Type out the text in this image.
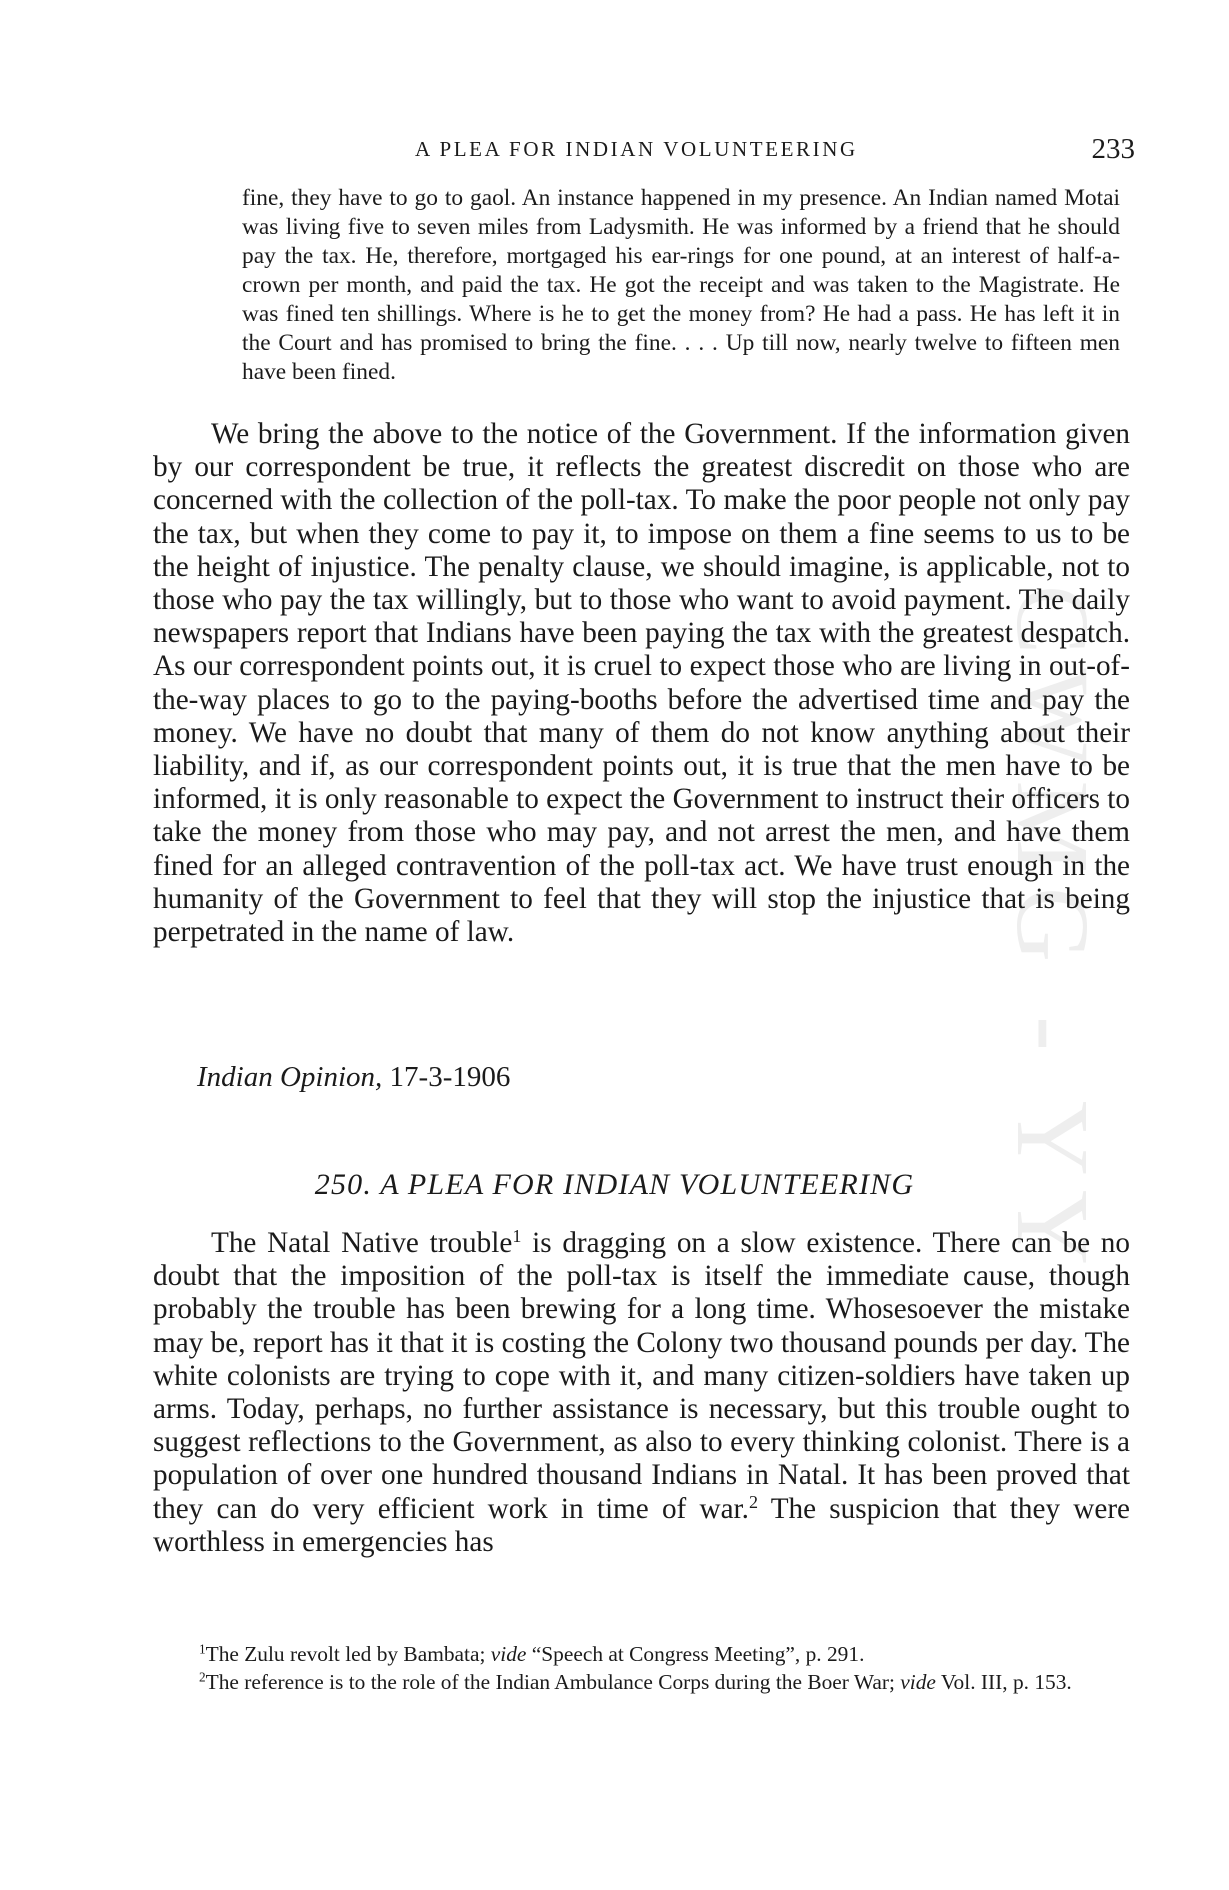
CWMG - YY
A PLEA FOR INDIAN VOLUNTEERING	233

fine, they have to go to gaol. An instance happened in my presence. An Indian named Motai was living five to seven miles from Ladysmith. He was informed by a friend that he should pay the tax. He, therefore, mortgaged his ear-rings for one pound, at an interest of half-a-crown per month, and paid the tax. He got the receipt and was taken to the Magistrate. He was fined ten shillings. Where is he to get the money from? He had a pass. He has left it in the Court and has promised to bring the fine. . . . Up till now, nearly twelve to fifteen men have been fined.

We bring the above to the notice of the Government. If the information given by our correspondent be true, it reflects the greatest discredit on those who are concerned with the collection of the poll-tax. To make the poor people not only pay the tax, but when they come to pay it, to impose on them a fine seems to us to be the height of injustice. The penalty clause, we should imagine, is applicable, not to those who pay the tax willingly, but to those who want to avoid payment. The daily newspapers report that Indians have been paying the tax with the greatest despatch. As our correspondent points out, it is cruel to expect those who are living in out-of-the-way places to go to the paying-booths before the advertised time and pay the money. We have no doubt that many of them do not know anything about their liability, and if, as our correspondent points out, it is true that the men have to be informed, it is only reasonable to expect the Government to instruct their officers to take the money from those who may pay, and not arrest the men, and have them fined for an alleged contravention of the poll-tax act. We have trust enough in the humanity of the Government to feel that they will stop the injustice that is being perpetrated in the name of law.

Indian Opinion, 17-3-1906
250. A PLEA FOR INDIAN VOLUNTEERING

The Natal Native trouble$^1$ is dragging on a slow existence. There can be no doubt that the imposition of the poll-tax is itself the immediate cause, though probably the trouble has been brewing for a long time. Whosesoever the mistake may be, report has it that it is costing the Colony two thousand pounds per day. The white colonists are trying to cope with it, and many citizen-soldiers have taken up arms. Today, perhaps, no further assistance is necessary, but this trouble ought to suggest reflections to the Government, as also to every thinking colonist. There is a population of over one hundred thousand Indians in Natal. It has been proved that they can do very efficient work in time of war.$^2$ The suspicion that they were worthless in emergencies has

$^1$The Zulu revolt led by Bambata; vide “Speech at Congress Meeting”, p. 291.

$^2$The reference is to the role of the Indian Ambulance Corps during the Boer War; vide Vol. III, p. 153.
